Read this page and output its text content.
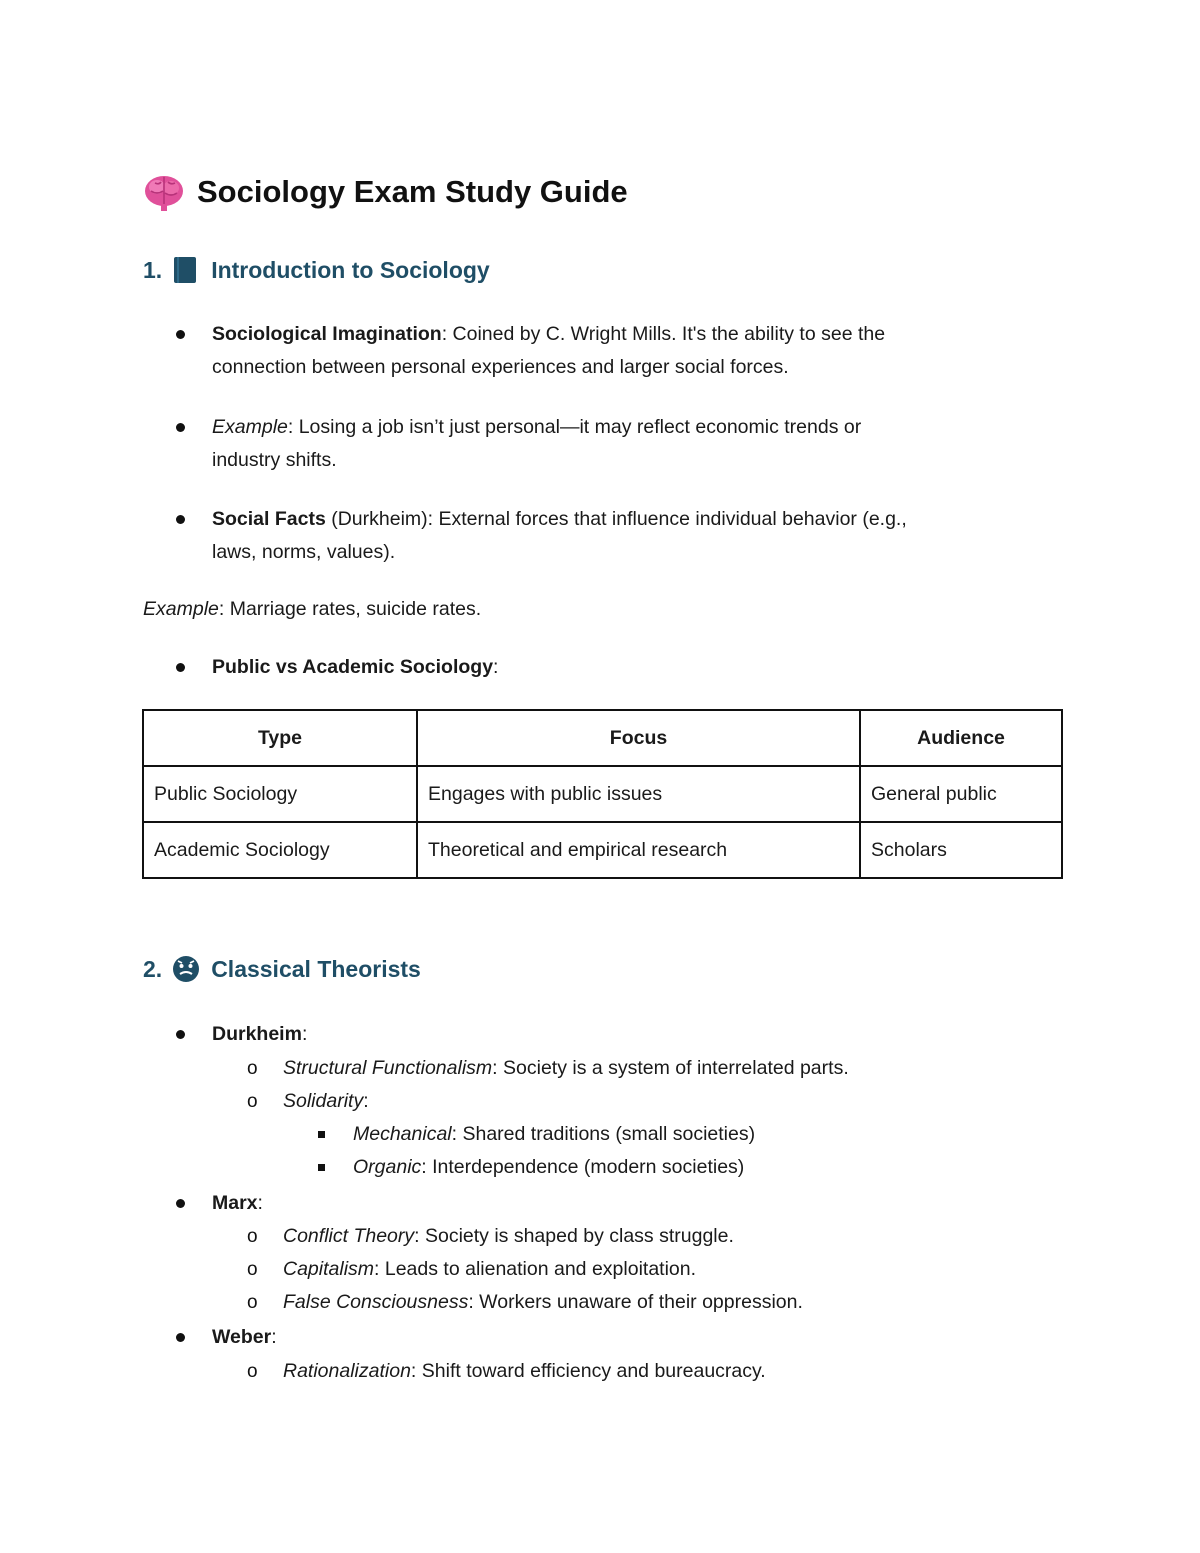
Sociology Exam Study Guide
1. Introduction to Sociology
Sociological Imagination: Coined by C. Wright Mills. It's the ability to see the
connection between personal experiences and larger social forces.
Example: Losing a job isn’t just personal—it may reflect economic trends or
industry shifts.
Social Facts (Durkheim): External forces that influence individual behavior (e.g.,
laws, norms, values).
Example: Marriage rates, suicide rates.
Public vs Academic Sociology:
Type	Focus	Audience
Public Sociology	Engages with public issues	General public
Academic Sociology	Theoretical and empirical research	Scholars
2. Classical Theorists
Durkheim:
o Structural Functionalism: Society is a system of interrelated parts.
o Solidarity:
Mechanical: Shared traditions (small societies)
Organic: Interdependence (modern societies)
Marx:
o Conflict Theory: Society is shaped by class struggle.
o Capitalism: Leads to alienation and exploitation.
o False Consciousness: Workers unaware of their oppression.
Weber:
o Rationalization: Shift toward efficiency and bureaucracy.
